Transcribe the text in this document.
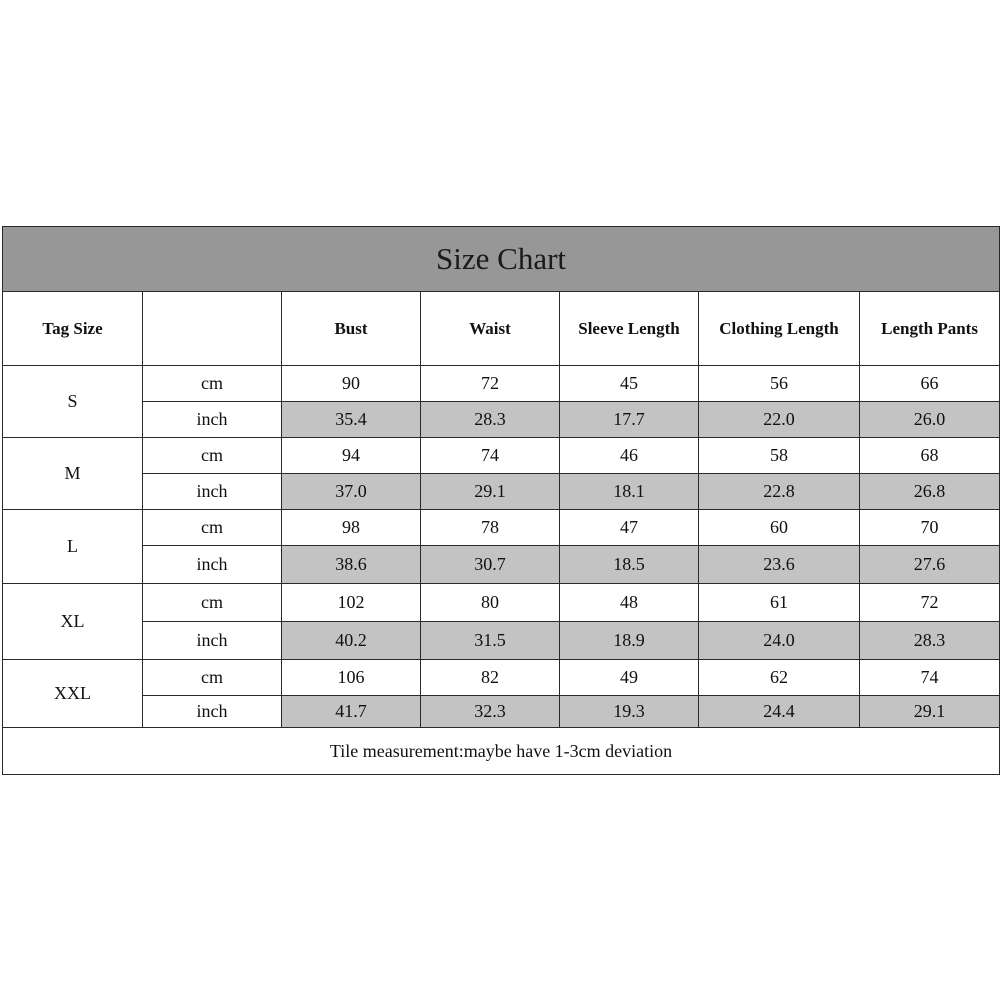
Size Chart						
Tag Size		Bust	Waist	Sleeve Length	Clothing Length	Length Pants
S	cm	90	72	45	56	66
	inch	35.4	28.3	17.7	22.0	26.0
M	cm	94	74	46	58	68
	inch	37.0	29.1	18.1	22.8	26.8
L	cm	98	78	47	60	70
	inch	38.6	30.7	18.5	23.6	27.6
XL	cm	102	80	48	61	72
	inch	40.2	31.5	18.9	24.0	28.3
XXL	cm	106	82	49	62	74
	inch	41.7	32.3	19.3	24.4	29.1
Tile measurement:maybe have 1-3cm deviation						
